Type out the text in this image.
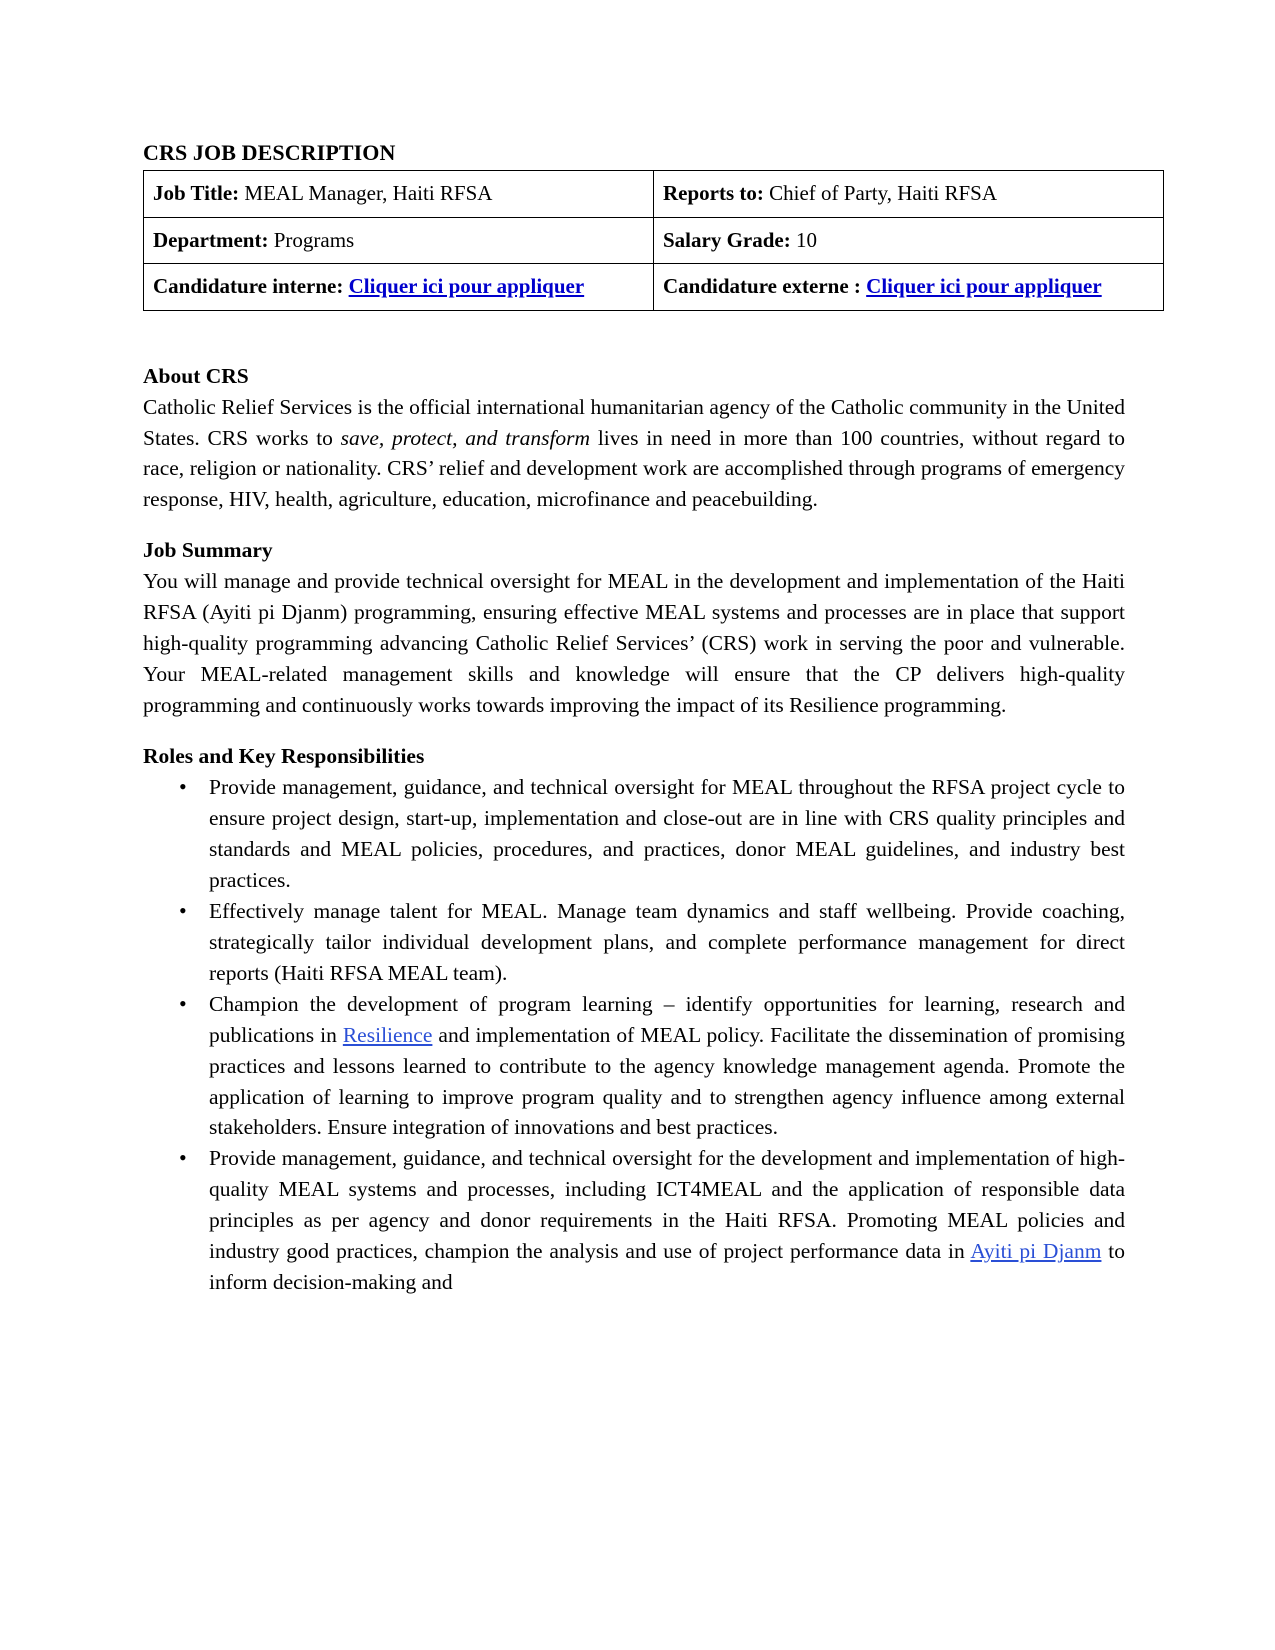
CRS JOB DESCRIPTION
Job Title: MEAL Manager, Haiti RFSA	Reports to: Chief of Party, Haiti RFSA
Department: Programs	Salary Grade: 10
Candidature interne: Cliquer ici pour appliquer	Candidature externe : Cliquer ici pour appliquer
About CRS

Catholic Relief Services is the official international humanitarian agency of the Catholic community in the United States. CRS works to save, protect, and transform lives in need in more than 100 countries, without regard to race, religion or nationality. CRS’ relief and development work are accomplished through programs of emergency response, HIV, health, agriculture, education, microfinance and peacebuilding.

Job Summary

You will manage and provide technical oversight for MEAL in the development and implementation of the Haiti RFSA (Ayiti pi Djanm) programming, ensuring effective MEAL systems and processes are in place that support high-quality programming advancing Catholic Relief Services’ (CRS) work in serving the poor and vulnerable. Your MEAL-related management skills and knowledge will ensure that the CP delivers high-quality programming and continuously works towards improving the impact of its Resilience programming.

Roles and Key Responsibilities
• Provide management, guidance, and technical oversight for MEAL throughout the RFSA project cycle to ensure project design, start-up, implementation and close-out are in line with CRS quality principles and standards and MEAL policies, procedures, and practices, donor MEAL guidelines, and industry best practices.
• Effectively manage talent for MEAL. Manage team dynamics and staff wellbeing. Provide coaching, strategically tailor individual development plans, and complete performance management for direct reports (Haiti RFSA MEAL team).
• Champion the development of program learning – identify opportunities for learning, research and publications in Resilience and implementation of MEAL policy. Facilitate the dissemination of promising practices and lessons learned to contribute to the agency knowledge management agenda. Promote the application of learning to improve program quality and to strengthen agency influence among external stakeholders. Ensure integration of innovations and best practices.
• Provide management, guidance, and technical oversight for the development and implementation of high-quality MEAL systems and processes, including ICT4MEAL and the application of responsible data principles as per agency and donor requirements in the Haiti RFSA. Promoting MEAL policies and industry good practices, champion the analysis and use of project performance data in Ayiti pi Djanm to inform decision-making and
